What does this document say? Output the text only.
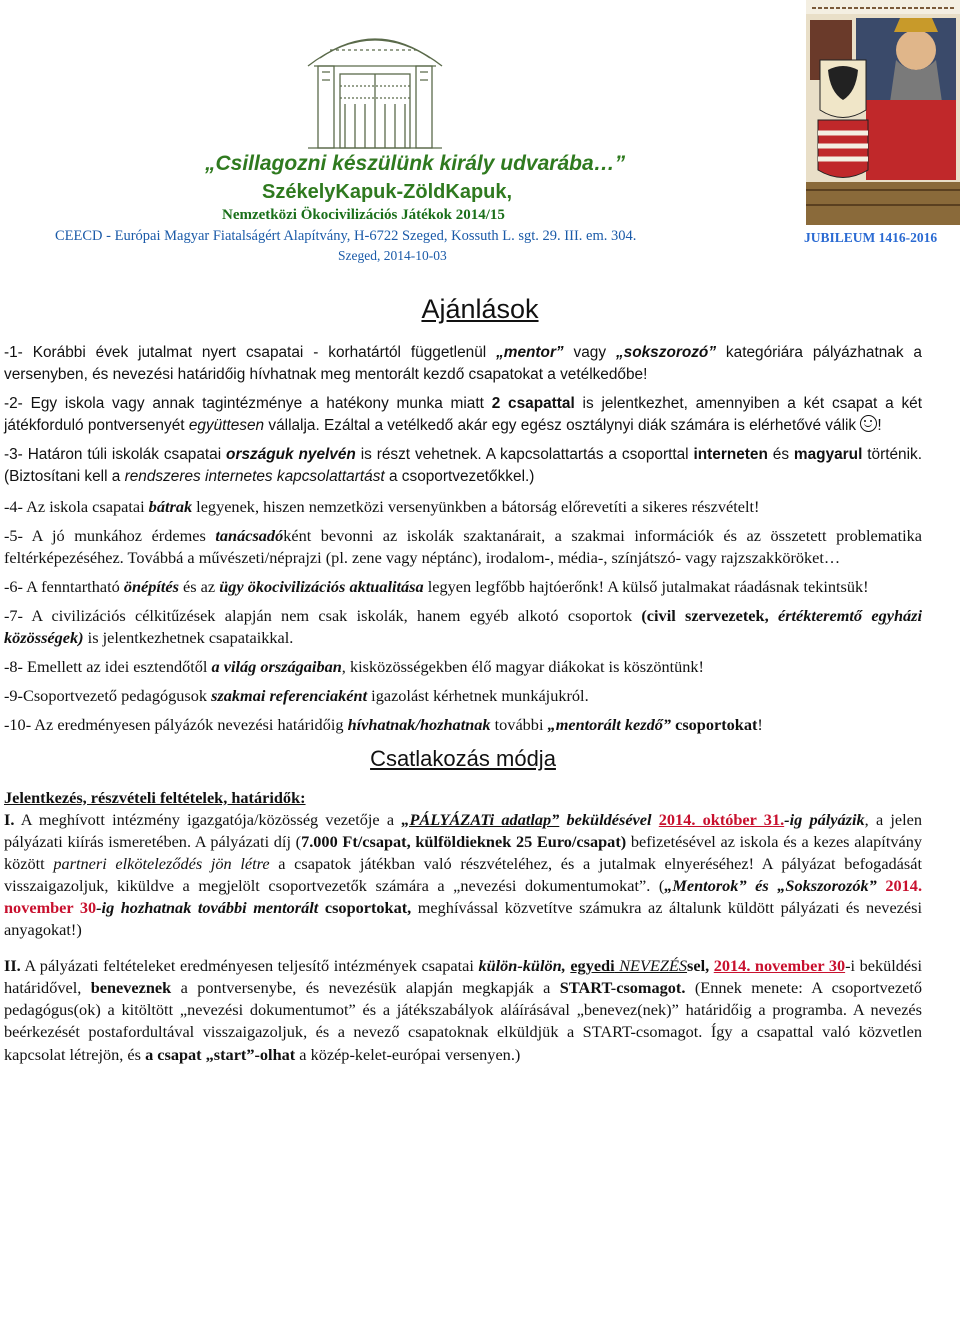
„Csillagozni készülünk király udvarába…”
SzékelyKapuk-ZöldKapuk,
Nemzetközi Ökocivilizációs Játékok 2014/15
CEECD - Európai Magyar Fiatalságért Alapítvány, H-6722 Szeged, Kossuth L. sgt. 29. III. em. 304.
Szeged, 2014-10-03
JUBILEUM 1416-2016
Ajánlások

-1- Korábbi évek jutalmat nyert csapatai - korhatártól függetlenül „mentor” vagy „sokszorozó” kategóriára pályázhatnak a versenyben, és nevezési határidőig hívhatnak meg mentorált kezdő csapatokat a vetélkedőbe!

-2- Egy iskola vagy annak tagintézménye a hatékony munka miatt 2 csapattal is jelentkezhet, amennyiben a két csapat a két játékforduló pontversenyét együttesen vállalja. Ezáltal a vetélkedő akár egy egész osztálynyi diák számára is elérhetővé válik !

-3- Határon túli iskolák csapatai országuk nyelvén is részt vehetnek. A kapcsolattartás a csoporttal interneten és magyarul történik. (Biztosítani kell a rendszeres internetes kapcsolattartást a csoportvezetőkkel.)

-4- Az iskola csapatai bátrak legyenek, hiszen nemzetközi versenyünkben a bátorság előrevetíti a sikeres részvételt!

-5- A jó munkához érdemes tanácsadóként bevonni az iskolák szaktanárait, a szakmai információk és az összetett problematika feltérképezéséhez. Továbbá a művészeti/néprajzi (pl. zene vagy néptánc), irodalom-, média-, színjátszó- vagy rajzszakköröket…

-6- A fenntartható önépítés és az ügy ökocivilizációs aktualitása legyen legfőbb hajtóerőnk! A külső jutalmakat ráadásnak tekintsük!

-7- A civilizációs célkitűzések alapján nem csak iskolák, hanem egyéb alkotó csoportok (civil szervezetek, értékteremtő egyházi közösségek) is jelentkezhetnek csapataikkal.

-8- Emellett az idei esztendőtől a világ országaiban, kisközösségekben élő magyar diákokat is köszöntünk!

-9-Csoportvezető pedagógusok szakmai referenciaként igazolást kérhetnek munkájukról.

-10- Az eredményesen pályázók nevezési határidőig hívhatnak/hozhatnak további „mentorált kezdő” csoportokat!

Csatlakozás módja

Jelentkezés, részvételi feltételek, határidők:

I. A meghívott intézmény igazgatója/közösség vezetője a „PÁLYÁZATi adatlap” beküldésével 2014. október 31.-ig pályázik, a jelen pályázati kiírás ismeretében. A pályázati díj (7.000 Ft/csapat, külföldieknek 25 Euro/csapat) befizetésével az iskola és a kezes alapítvány között partneri elköteleződés jön létre a csapatok játékban való részvételéhez, és a jutalmak elnyeréséhez! A pályázat befogadását visszaigazoljuk, kiküldve a megjelölt csoportvezetők számára a „nevezési dokumentumokat”. („Mentorok” és „Sokszorozók” 2014. november 30-ig hozhatnak további mentorált csoportokat, meghívással közvetítve számukra az általunk küldött pályázati és nevezési anyagokat!)

II. A pályázati feltételeket eredményesen teljesítő intézmények csapatai külön-külön, egyedi NEVEZÉSsel, 2014. november 30-i beküldési határidővel, beneveznek a pontversenybe, és nevezésük alapján megkapják a START-csomagot. (Ennek menete: A csoportvezető pedagógus(ok) a kitöltött „nevezési dokumentumot” és a játékszabályok aláírásával „benevez(nek)” határidőig a programba. A nevezés beérkezését postafordultával visszaigazoljuk, és a nevező csapatoknak elküldjük a START-csomagot. Így a csapattal való közvetlen kapcsolat létrejön, és a csapat „start”-olhat a közép-kelet-európai versenyen.)
